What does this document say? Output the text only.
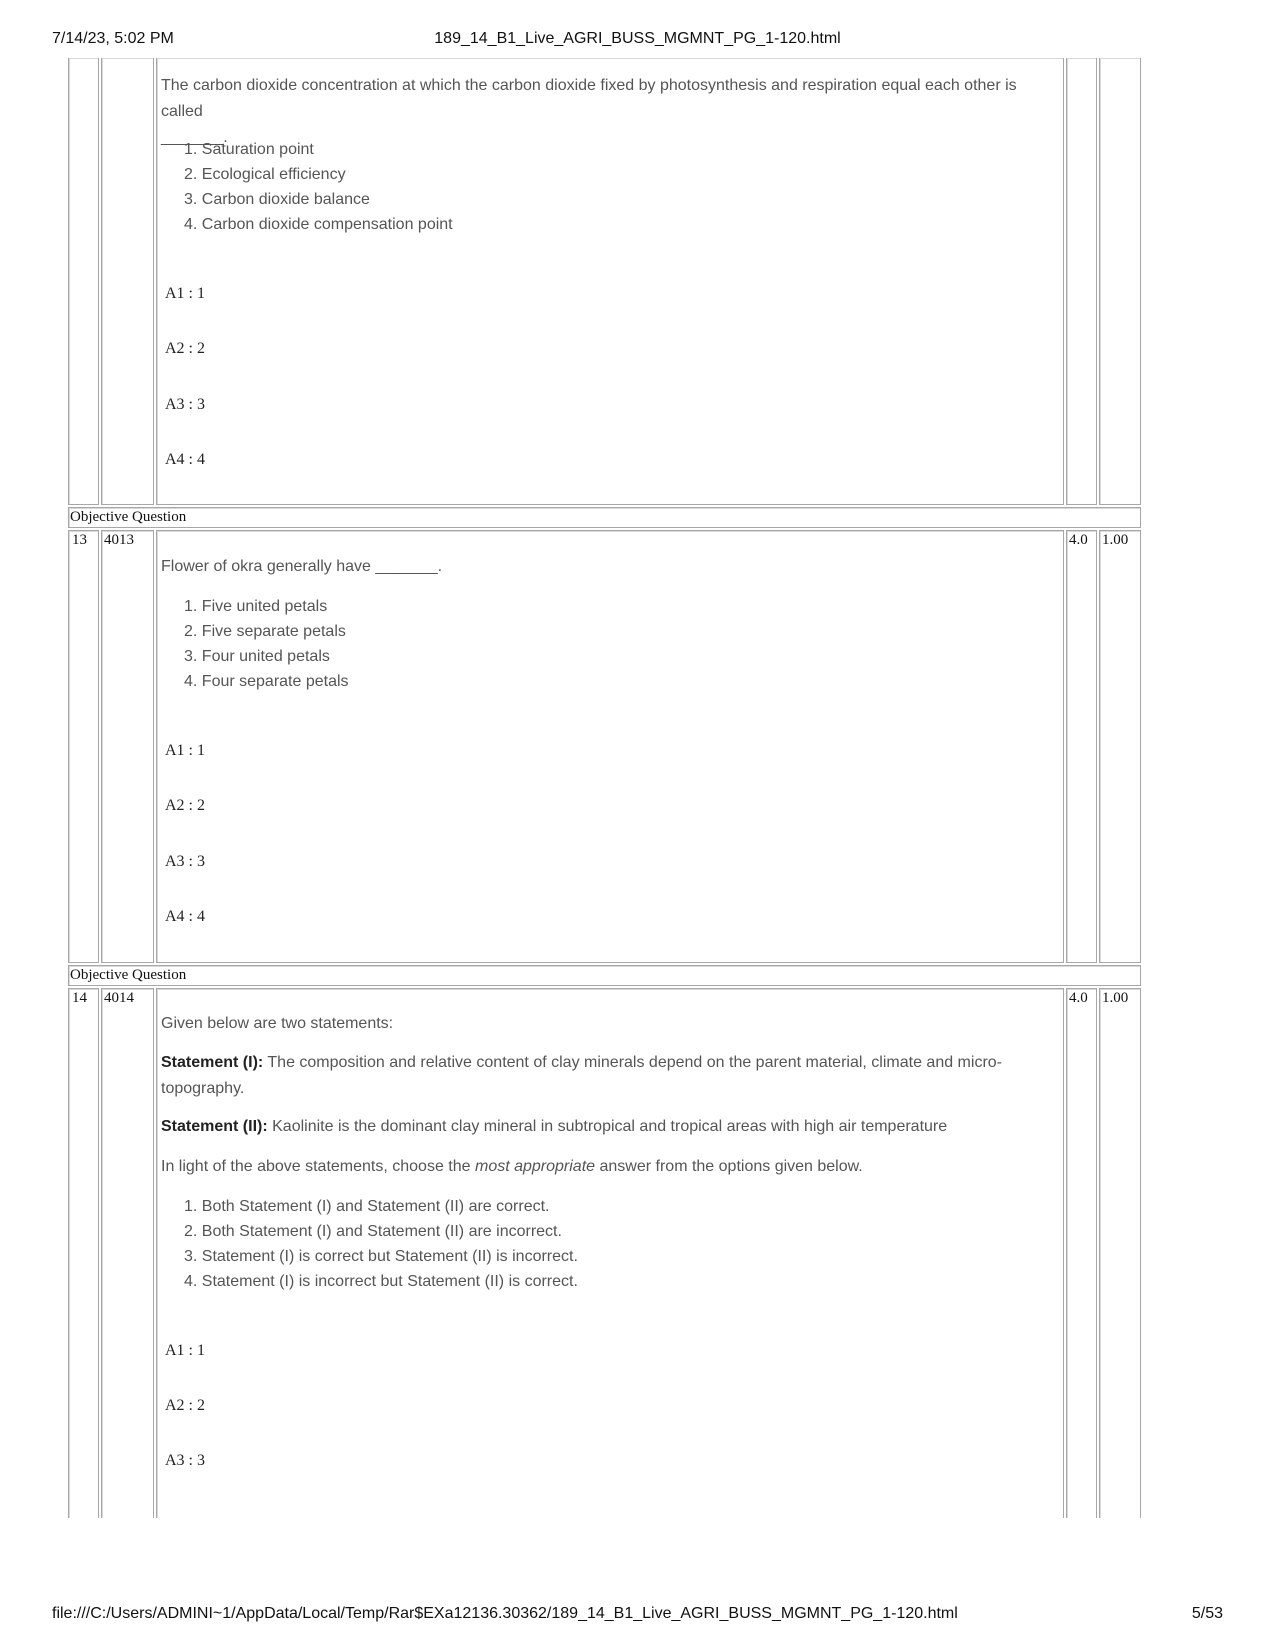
7/14/23, 5:02 PM	189_14_B1_Live_AGRI_BUSS_MGMNT_PG_1-120.html
The carbon dioxide concentration at which the carbon dioxide fixed by photosynthesis and respiration equal each other is called
_______.
1. Saturation point
2. Ecological efficiency
3. Carbon dioxide balance
4. Carbon dioxide compensation point
A1 : 1
A2 : 2
A3 : 3
A4 : 4
Objective Question
13 4013	4.0 1.00
Flower of okra generally have _______.
1. Five united petals
2. Five separate petals
3. Four united petals
4. Four separate petals
A1 : 1
A2 : 2
A3 : 3
A4 : 4
Objective Question
14 4014	4.0 1.00
Given below are two statements:
Statement (I): The composition and relative content of clay minerals depend on the parent material, climate and micro-
topography.
Statement (II): Kaolinite is the dominant clay mineral in subtropical and tropical areas with high air temperature
In light of the above statements, choose the most appropriate answer from the options given below.
1. Both Statement (I) and Statement (II) are correct.
2. Both Statement (I) and Statement (II) are incorrect.
3. Statement (I) is correct but Statement (II) is incorrect.
4. Statement (I) is incorrect but Statement (II) is correct.
A1 : 1
A2 : 2
A3 : 3
file:///C:/Users/ADMINI~1/AppData/Local/Temp/Rar$EXa12136.30362/189_14_B1_Live_AGRI_BUSS_MGMNT_PG_1-120.html	5/53
